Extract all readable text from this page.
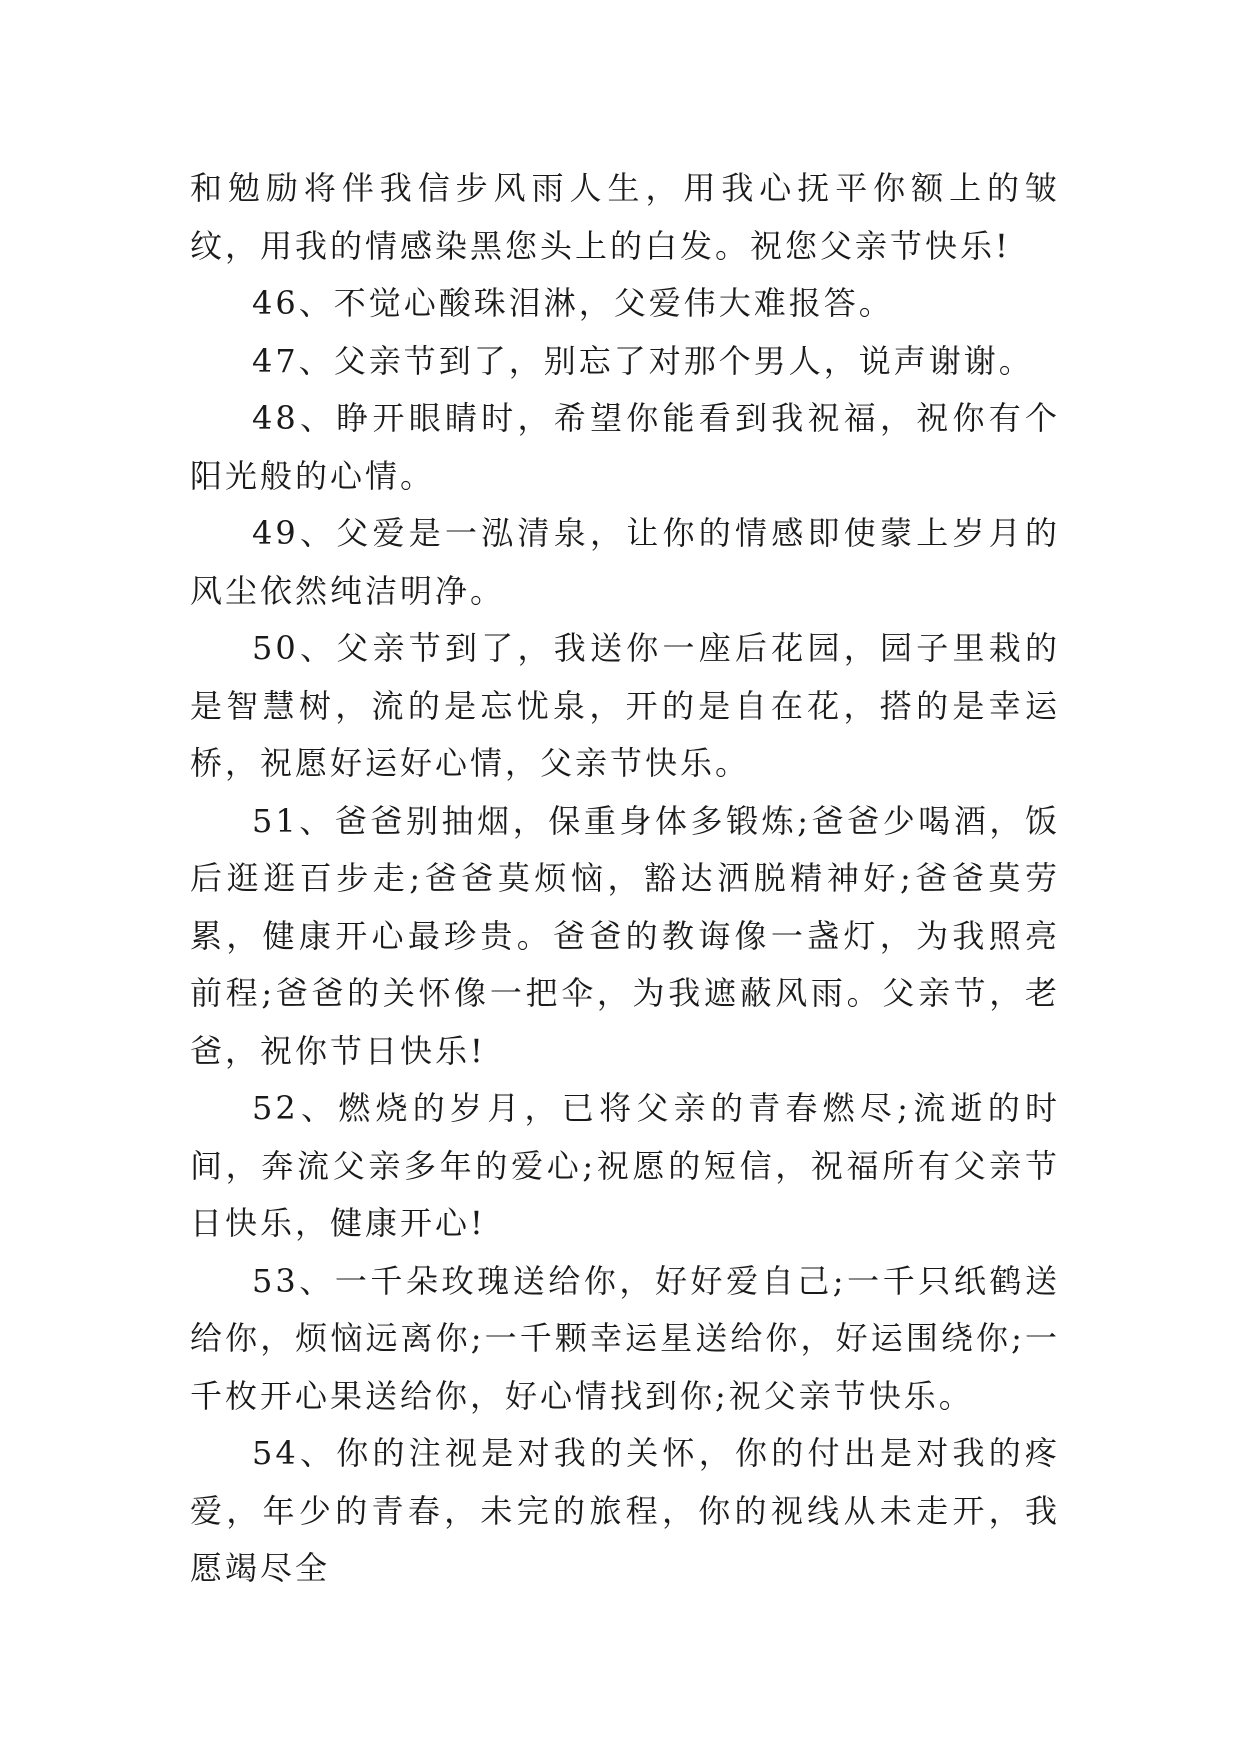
和勉励将伴我信步风雨人生，用我心抚平你额上的皱纹，用我的情感染黑您头上的白发。祝您父亲节快乐!

46、不觉心酸珠泪淋，父爱伟大难报答。

47、父亲节到了，别忘了对那个男人，说声谢谢。

48、睁开眼睛时，希望你能看到我祝福，祝你有个阳光般的心情。

49、父爱是一泓清泉，让你的情感即使蒙上岁月的风尘依然纯洁明净。

50、父亲节到了，我送你一座后花园，园子里栽的是智慧树，流的是忘忧泉，开的是自在花，搭的是幸运桥，祝愿好运好心情，父亲节快乐。

51、爸爸别抽烟，保重身体多锻炼;爸爸少喝酒，饭后逛逛百步走;爸爸莫烦恼，豁达洒脱精神好;爸爸莫劳累，健康开心最珍贵。爸爸的教诲像一盏灯，为我照亮前程;爸爸的关怀像一把伞，为我遮蔽风雨。父亲节，老爸，祝你节日快乐!

52、燃烧的岁月，已将父亲的青春燃尽;流逝的时间，奔流父亲多年的爱心;祝愿的短信，祝福所有父亲节日快乐，健康开心!

53、一千朵玫瑰送给你，好好爱自己;一千只纸鹤送给你，烦恼远离你;一千颗幸运星送给你，好运围绕你;一千枚开心果送给你，好心情找到你;祝父亲节快乐。

54、你的注视是对我的关怀，你的付出是对我的疼爱，年少的青春，未完的旅程，你的视线从未走开，我愿竭尽全
